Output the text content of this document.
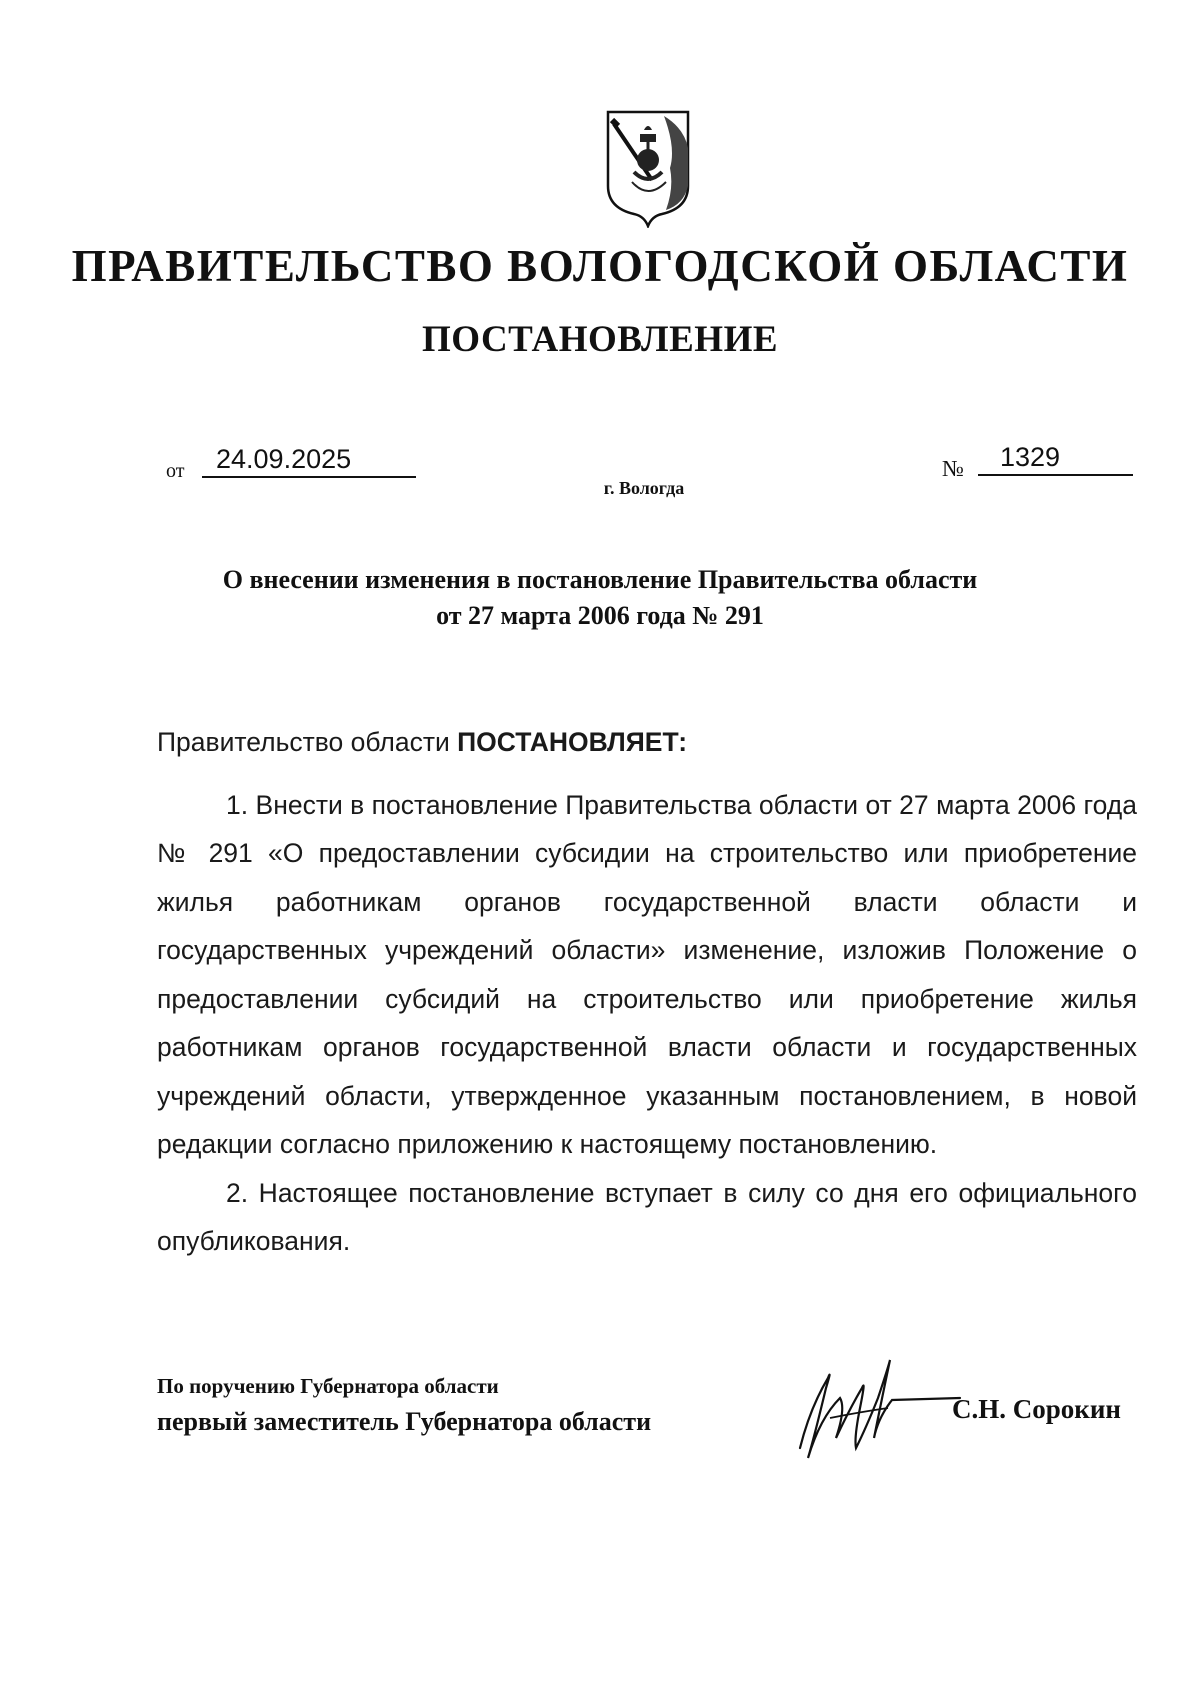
ПРАВИТЕЛЬСТВО ВОЛОГОДСКОЙ ОБЛАСТИ
ПОСТАНОВЛЕНИЕ
от	24.09.2025	№	1329
г. Вологда
О внесении изменения в постановление Правительства области
от 27 марта 2006 года № 291

Правительство области ПОСТАНОВЛЯЕТ:

1. Внести в постановление Правительства области от 27 марта 2006 года № 291 «О предоставлении субсидии на строительство или приобретение жилья работникам органов государственной власти области и государственных учреждений области» изменение, изложив Положение о предоставлении субсидий на строительство или приобретение жилья работникам органов государственной власти области и государственных учреждений области, утвержденное указанным постановлением, в новой редакции согласно приложению к настоящему постановлению.

2. Настоящее постановление вступает в силу со дня его официального опубликования.

По поручению Губернатора области
первый заместитель Губернатора области	С.Н. Сорокин
